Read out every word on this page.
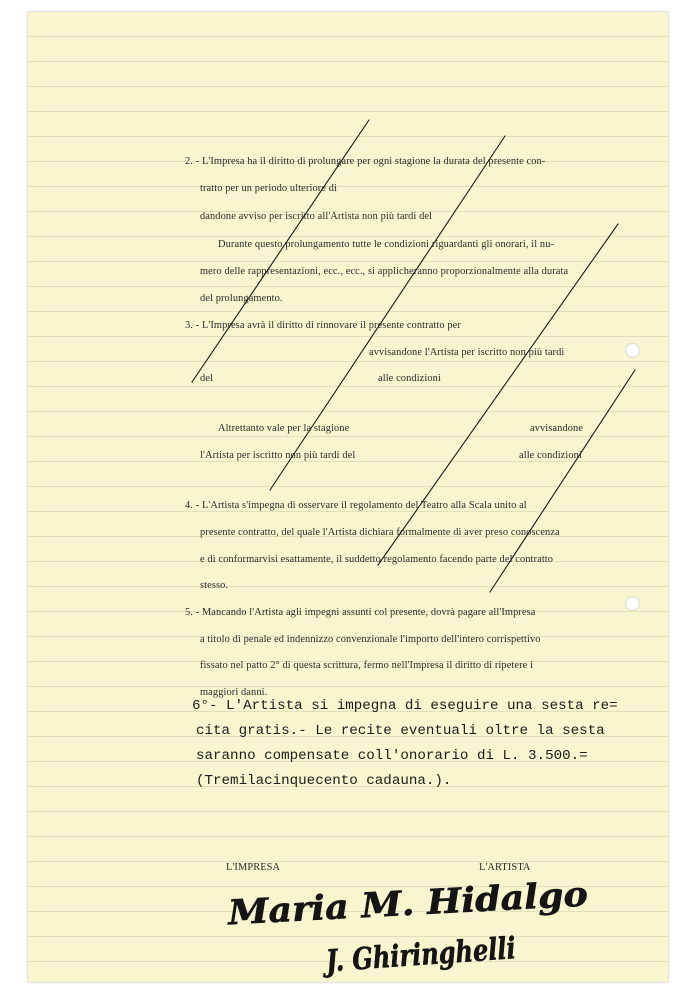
2. - L'Impresa ha il diritto di prolungare per ogni stagione la durata del presente con-
tratto per un periodo ulteriore di
dandone avviso per iscritto all'Artista non più tardi del
Durante questo prolungamento tutte le condizioni riguardanti gli onorari, il nu-
mero delle rappresentazioni, ecc., ecc., si applicheranno proporzionalmente alla durata
del prolungamento.
3. - L'Impresa avrà il diritto di rinnovare il presente contratto per
avvisandone l'Artista per iscritto non più tardi
del	alle condizioni
Altrettanto vale per la stagione	avvisandone
l'Artista per iscritto non più tardi del	alle condizioni
4. - L'Artista s'impegna di osservare il regolamento del Teatro alla Scala unito al
presente contratto, del quale l'Artista dichiara formalmente di aver preso conoscenza
e di conformarvisi esattamente, il suddetto regolamento facendo parte del contratto
stesso.
5. - Mancando l'Artista agli impegni assunti col presente, dovrà pagare all'Impresa
a titolo di penale ed indennizzo convenzionale l'importo dell'intero corrispettivo
fissato nel patto 2° di questa scrittura, fermo nell'Impresa il diritto di ripetere i
maggiori danni.
6°- L'Artista si impegna di eseguire una sesta re=
cita gratis.- Le recite eventuali oltre la sesta
saranno compensate coll'onorario di L. 3.500.=
(Tremilacinquecento cadauna.).
L'IMPRESA	L'ARTISTA
Maria M. Hidalgo
J. Ghiringhelli
